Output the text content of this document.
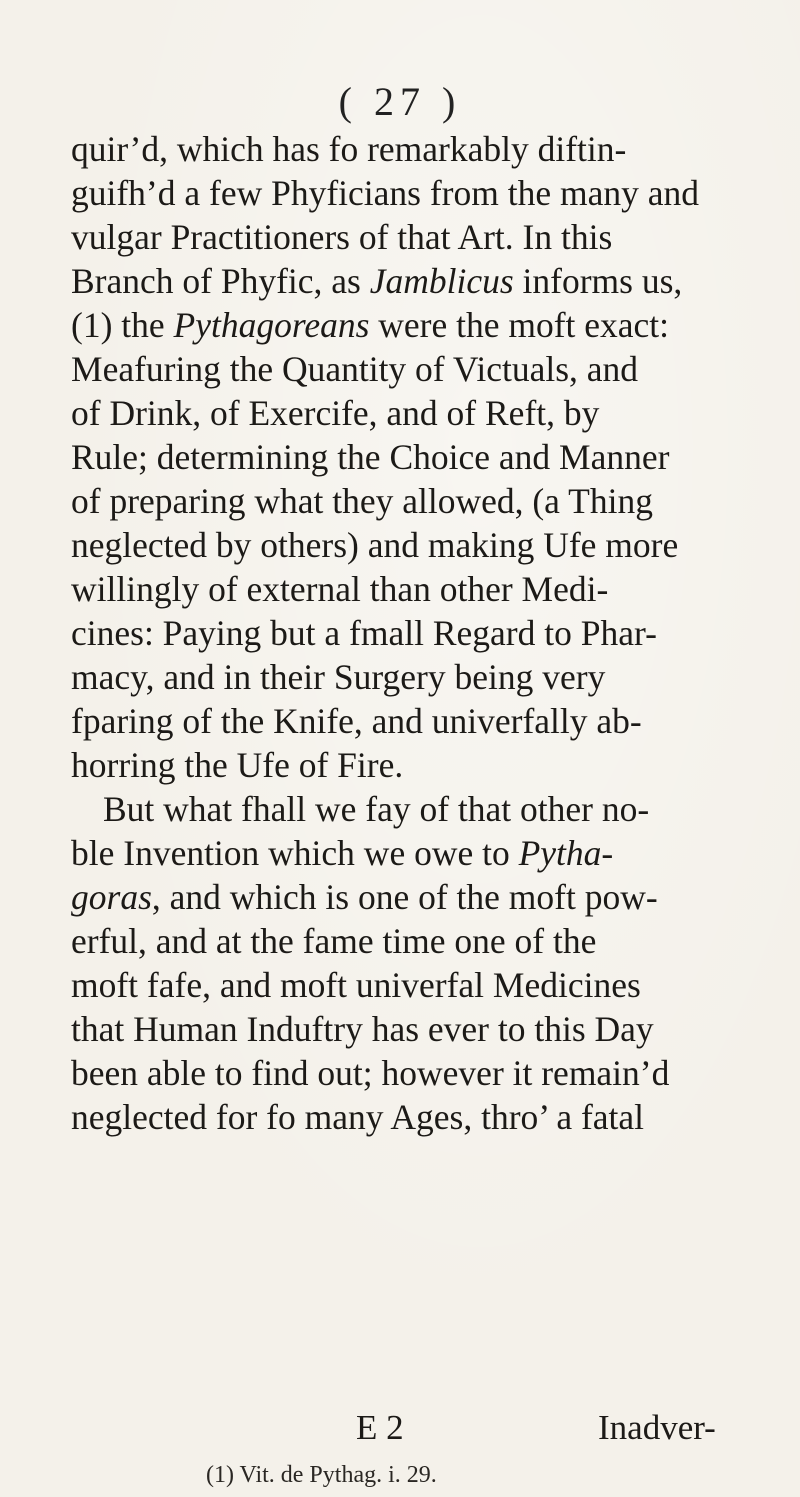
( 27 )
quir’d, which has fo remarkably diftin-
guifh’d a few Phyficians from the many and
vulgar Practitioners of that Art. In this
Branch of Phyfic, as Jamblicus informs us,
(1) the Pythagoreans were the moft exact:
Meafuring the Quantity of Victuals, and
of Drink, of Exercife, and of Reft, by
Rule; determining the Choice and Manner
of preparing what they allowed, (a Thing
neglected by others) and making Ufe more
willingly of external than other Medi-
cines: Paying but a fmall Regard to Phar-
macy, and in their Surgery being very
fparing of the Knife, and univerfally ab-
horring the Ufe of Fire.
But what fhall we fay of that other no-
ble Invention which we owe to Pytha-
goras, and which is one of the moft pow-
erful, and at the fame time one of the
moft fafe, and moft univerfal Medicines
that Human Induftry has ever to this Day
been able to find out; however it remain’d
neglected for fo many Ages, thro’ a fatal
E 2	Inadver-
(1) Vit. de Pythag. i. 29.
